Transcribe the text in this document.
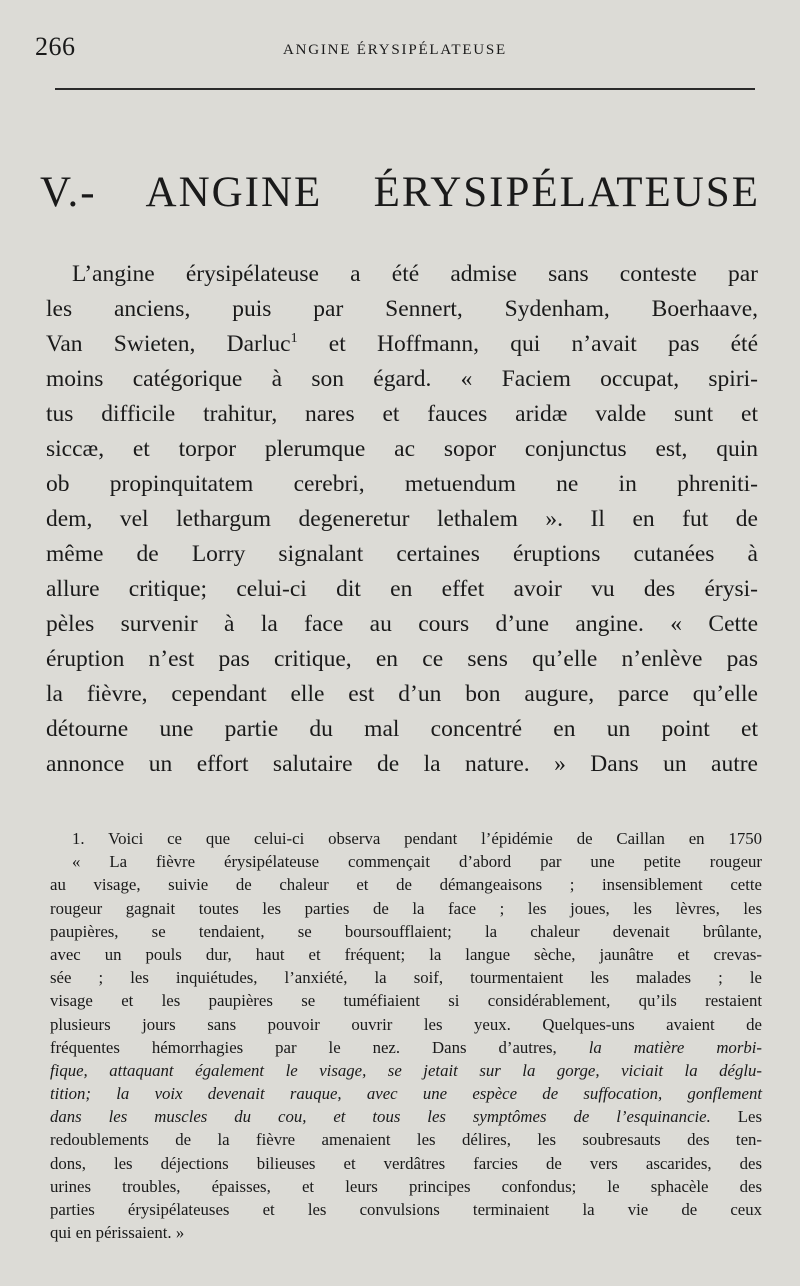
266	ANGINE ÉRYSIPÉLATEUSE
V.- ANGINE ÉRYSIPÉLATEUSE
L’angine érysipélateuse a été admise sans conteste par
les anciens, puis par Sennert, Sydenham, Boerhaave,
Van Swieten, Darluc$^1$ et Hoffmann, qui n’avait pas été
moins catégorique à son égard. « Faciem occupat, spiri-
tus difficile trahitur, nares et fauces aridæ valde sunt et
siccæ, et torpor plerumque ac sopor conjunctus est, quin
ob propinquitatem cerebri, metuendum ne in phreniti-
dem, vel lethargum degeneretur lethalem ». Il en fut de
même de Lorry signalant certaines éruptions cutanées à
allure critique; celui-ci dit en effet avoir vu des érysi-
pèles survenir à la face au cours d’une angine. « Cette
éruption n’est pas critique, en ce sens qu’elle n’enlève pas
la fièvre, cependant elle est d’un bon augure, parce qu’elle
détourne une partie du mal concentré en un point et
annonce un effort salutaire de la nature. » Dans un autre
1. Voici ce que celui-ci observa pendant l’épidémie de Caillan en 1750
« La fièvre érysipélateuse commençait d’abord par une petite rougeur
au visage, suivie de chaleur et de démangeaisons ; insensiblement cette
rougeur gagnait toutes les parties de la face ; les joues, les lèvres, les
paupières, se tendaient, se boursoufflaient; la chaleur devenait brûlante,
avec un pouls dur, haut et fréquent; la langue sèche, jaunâtre et crevas-
sée ; les inquiétudes, l’anxiété, la soif, tourmentaient les malades ; le
visage et les paupières se tuméfiaient si considérablement, qu’ils restaient
plusieurs jours sans pouvoir ouvrir les yeux. Quelques-uns avaient de
fréquentes hémorrhagies par le nez. Dans d’autres, la matière morbi-
fique, attaquant également le visage, se jetait sur la gorge, viciait la déglu-
tition; la voix devenait rauque, avec une espèce de suffocation, gonflement
dans les muscles du cou, et tous les symptômes de l’esquinancie. Les
redoublements de la fièvre amenaient les délires, les soubresauts des ten-
dons, les déjections bilieuses et verdâtres farcies de vers ascarides, des
urines troubles, épaisses, et leurs principes confondus; le sphacèle des
parties érysipélateuses et les convulsions terminaient la vie de ceux
qui en périssaient. »
